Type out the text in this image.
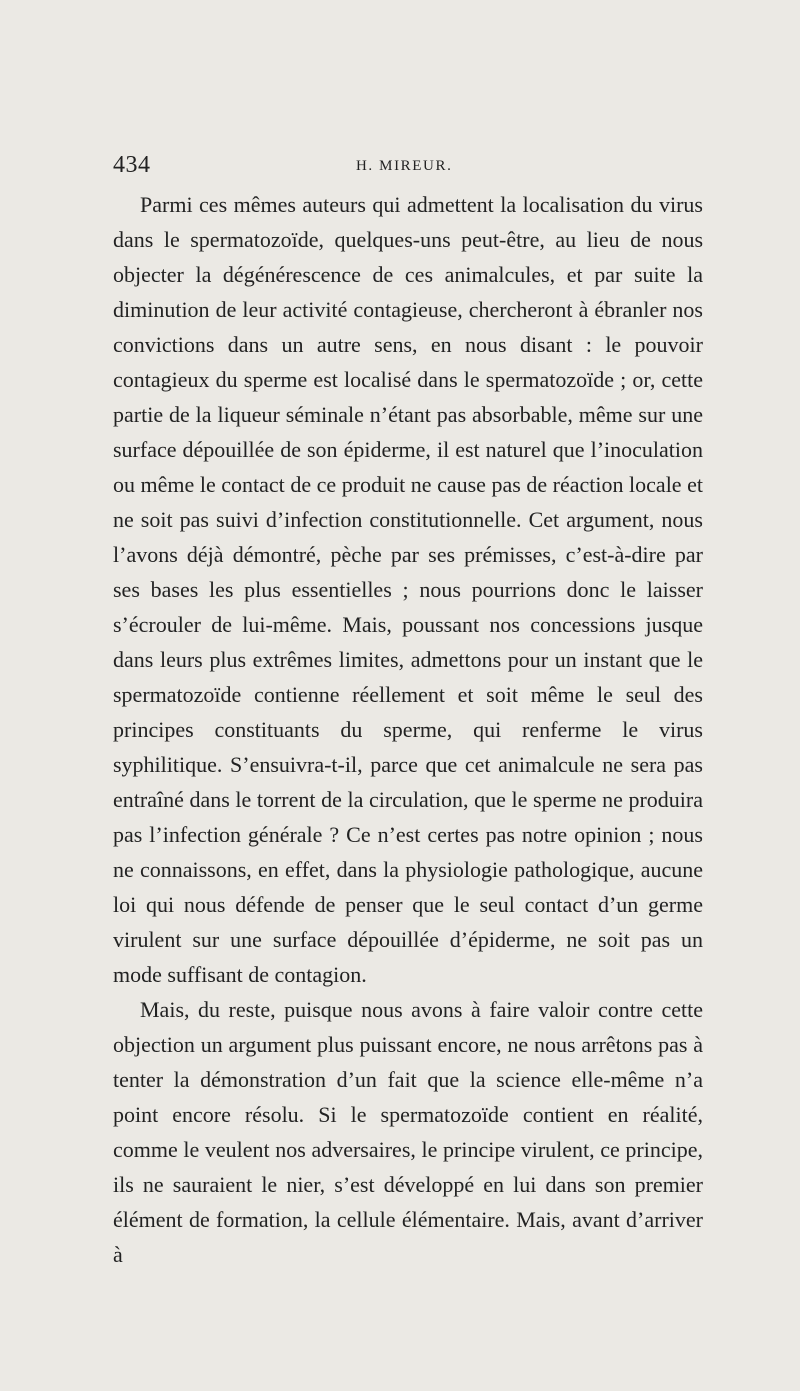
434	H. MIREUR.

Parmi ces mêmes auteurs qui admettent la localisation du virus dans le spermatozoïde, quelques-uns peut-être, au lieu de nous objecter la dégénérescence de ces animalcules, et par suite la diminution de leur activité contagieuse, chercheront à ébranler nos convictions dans un autre sens, en nous disant : le pouvoir contagieux du sperme est localisé dans le spermatozoïde ; or, cette partie de la liqueur séminale n’étant pas absorbable, même sur une surface dépouillée de son épiderme, il est naturel que l’inoculation ou même le contact de ce produit ne cause pas de réaction locale et ne soit pas suivi d’infection constitutionnelle. Cet argument, nous l’avons déjà démontré, pèche par ses prémisses, c’est-à-dire par ses bases les plus essentielles ; nous pourrions donc le laisser s’écrouler de lui-même. Mais, poussant nos concessions jusque dans leurs plus extrêmes limites, admettons pour un instant que le spermatozoïde contienne réellement et soit même le seul des principes constituants du sperme, qui renferme le virus syphilitique. S’ensuivra-t-il, parce que cet animalcule ne sera pas entraîné dans le torrent de la circulation, que le sperme ne produira pas l’infection générale ? Ce n’est certes pas notre opinion ; nous ne connaissons, en effet, dans la physiologie pathologique, aucune loi qui nous défende de penser que le seul contact d’un germe virulent sur une surface dépouillée d’épiderme, ne soit pas un mode suffisant de contagion.

Mais, du reste, puisque nous avons à faire valoir contre cette objection un argument plus puissant encore, ne nous arrêtons pas à tenter la démonstration d’un fait que la science elle-même n’a point encore résolu. Si le spermatozoïde contient en réalité, comme le veulent nos adversaires, le principe virulent, ce principe, ils ne sauraient le nier, s’est développé en lui dans son premier élément de formation, la cellule élémentaire. Mais, avant d’arriver à
